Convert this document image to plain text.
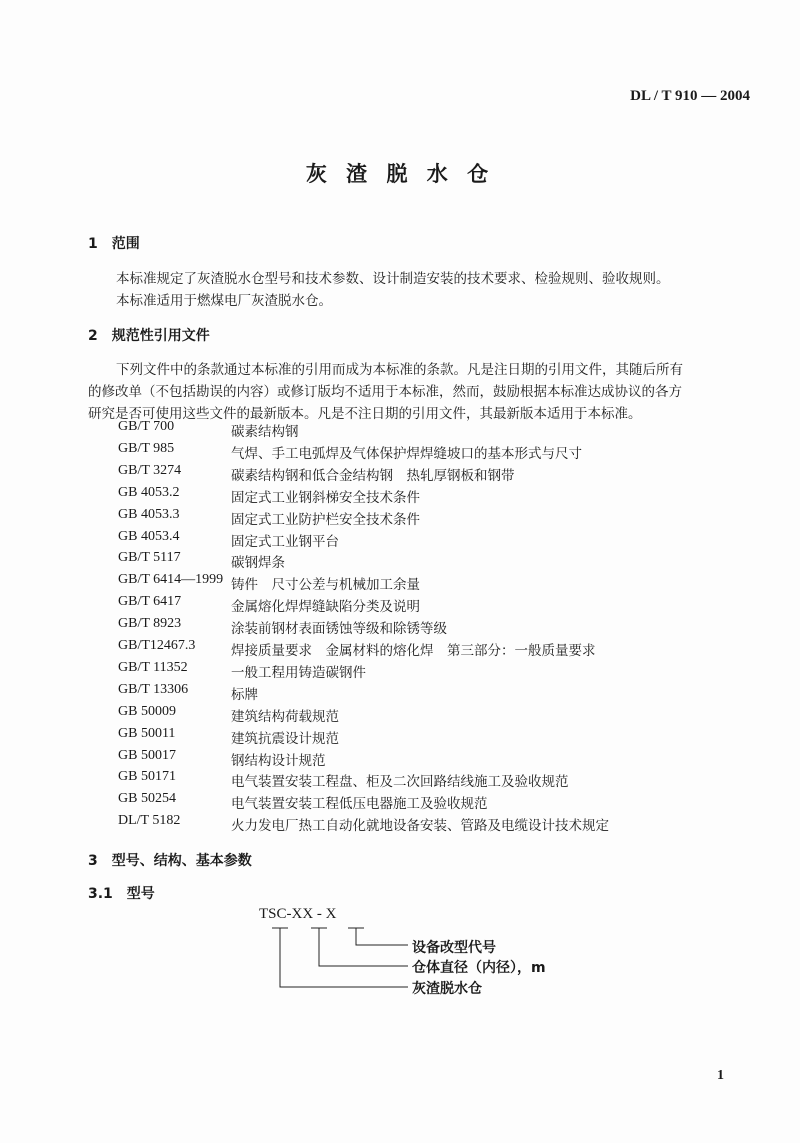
DL / T 910 — 2004
灰 渣 脱 水 仓
1　范围
本标准规定了灰渣脱水仓型号和技术参数、设计制造安装的技术要求、检验规则、验收规则。
本标准适用于燃煤电厂灰渣脱水仓。
2　规范性引用文件
下列文件中的条款通过本标准的引用而成为本标准的条款。凡是注日期的引用文件，其随后所有
的修改单（不包括勘误的内容）或修订版均不适用于本标准，然而，鼓励根据本标准达成协议的各方
研究是否可使用这些文件的最新版本。凡是不注日期的引用文件，其最新版本适用于本标准。
GB/T 700	碳素结构钢
GB/T 985	气焊、手工电弧焊及气体保护焊焊缝坡口的基本形式与尺寸
GB/T 3274	碳素结构钢和低合金结构钢　热轧厚钢板和钢带
GB 4053.2	固定式工业钢斜梯安全技术条件
GB 4053.3	固定式工业防护栏安全技术条件
GB 4053.4	固定式工业钢平台
GB/T 5117	碳钢焊条
GB/T 6414—1999 铸件　尺寸公差与机械加工余量
GB/T 6417	金属熔化焊焊缝缺陷分类及说明
GB/T 8923	涂装前钢材表面锈蚀等级和除锈等级
GB/T12467.3	焊接质量要求　金属材料的熔化焊　第三部分：一般质量要求
GB/T 11352	一般工程用铸造碳钢件
GB/T 13306	标牌
GB 50009	建筑结构荷载规范
GB 50011	建筑抗震设计规范
GB 50017	钢结构设计规范
GB 50171	电气装置安装工程盘、柜及二次回路结线施工及验收规范
GB 50254	电气装置安装工程低压电器施工及验收规范
DL/T 5182	火力发电厂热工自动化就地设备安装、管路及电缆设计技术规定
3　型号、结构、基本参数
3.1　型号
TSC-XX - X
设备改型代号
仓体直径（内径），m
灰渣脱水仓
1
